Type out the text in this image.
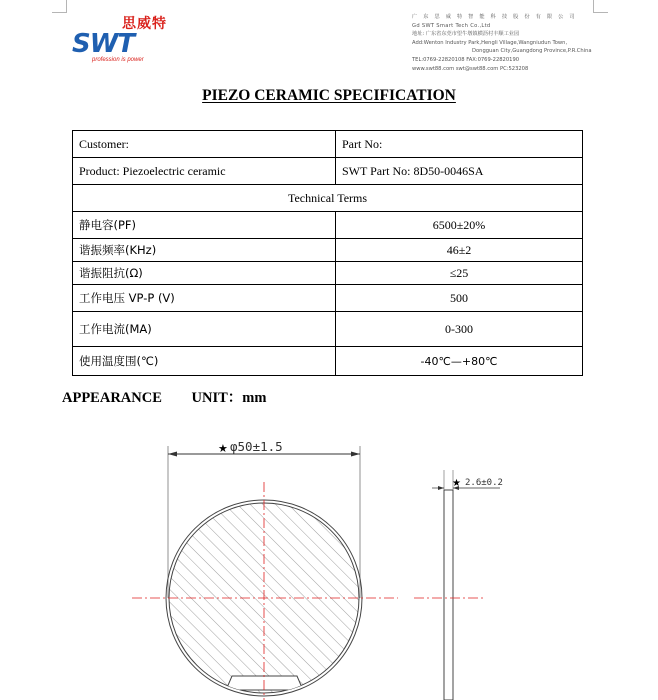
思威特
SWT
profession is power
广 东 思 威 特 智 能 科 技 股 份 有 限 公 司
Gd SWT Smart Tech Co.,Ltd
地址: 广东省东莞市望牛墩镇横沥村丰顺工业园
Add:Wenton Industry Park,Hengli Village,Wangniudun Town,
Dongguan City,Guangdong Province,P.R.China
TEL:0769-22820108 FAX:0769-22820190
www.swt88.com swt@swt88.com PC:523208
PIEZO CERAMIC SPECIFICATION
Customer:	Part No:
Product: Piezoelectric ceramic	SWT Part No: 8D50-0046SA
Technical Terms	
静电容(PF)	6500±20%
谐振频率(KHz)	46±2
谐振阻抗(Ω)	≤25
工作电压 VP-P (V)	500
工作电流(MA)	0-300
使用温度围(℃)	-40℃—+80℃
APPEARANCE UNIT：mm
★ φ50±1.5
★ 2.6±0.2
